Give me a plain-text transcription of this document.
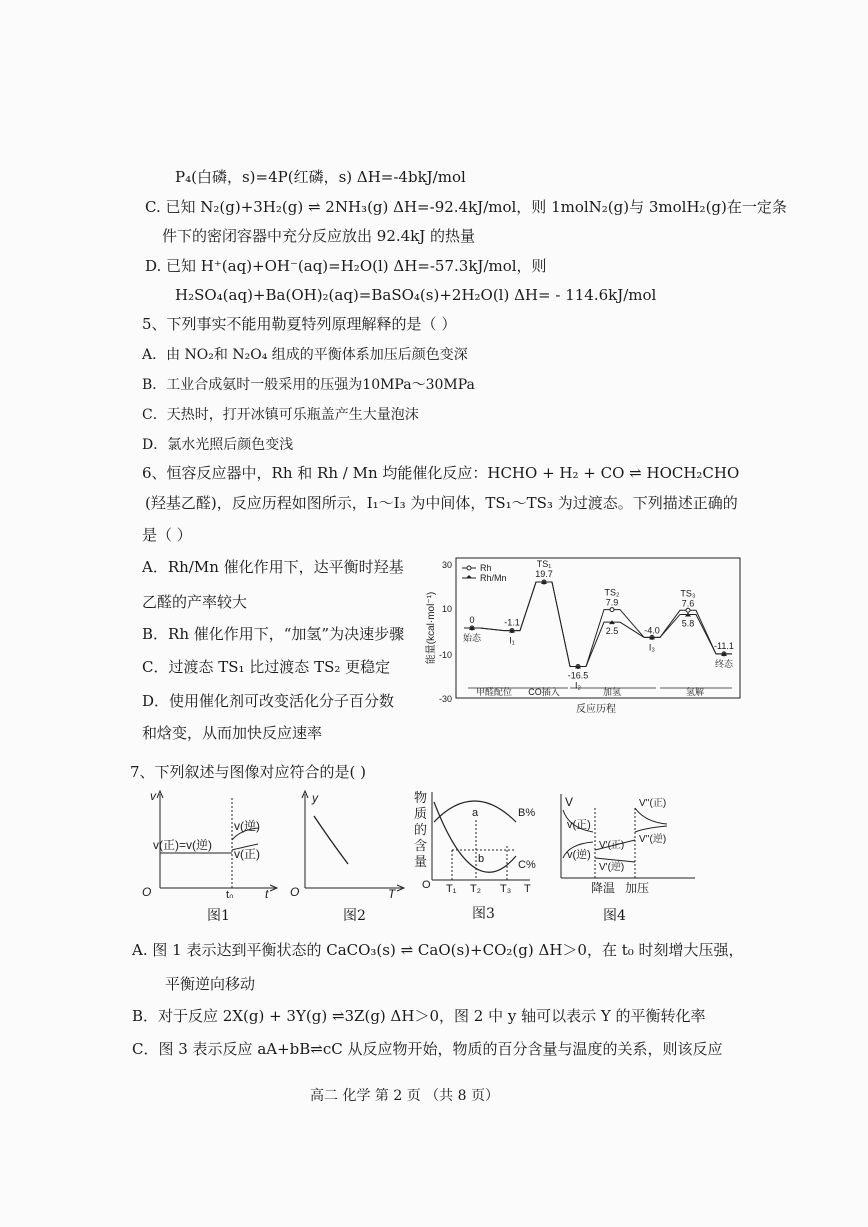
P₄(白磷，s)=4P(红磷，s) ΔH=-4bkJ/mol
C. 已知 N₂(g)+3H₂(g) ⇌ 2NH₃(g) ΔH=-92.4kJ/mol，则 1molN₂(g)与 3molH₂(g)在一定条
件下的密闭容器中充分反应放出 92.4kJ 的热量
D. 已知 H⁺(aq)+OH⁻(aq)=H₂O(l) ΔH=-57.3kJ/mol，则
H₂SO₄(aq)+Ba(OH)₂(aq)=BaSO₄(s)+2H₂O(l) ΔH= - 114.6kJ/mol
5、下列事实不能用勒夏特列原理解释的是（ ）
A．由 NO₂和 N₂O₄ 组成的平衡体系加压后颜色变深
B．工业合成氨时一般采用的压强为10MPa～30MPa
C．天热时，打开冰镇可乐瓶盖产生大量泡沫
D．氯水光照后颜色变浅
6、恒容反应器中，Rh 和 Rh / Mn 均能催化反应：HCHO + H₂ + CO ⇌ HOCH₂CHO
(羟基乙醛)，反应历程如图所示，I₁～I₃ 为中间体，TS₁～TS₃ 为过渡态。下列描述正确的
是（ ）
A．Rh/Mn 催化作用下，达平衡时羟基
乙醛的产率较大
B．Rh 催化作用下，“加氢”为决速步骤
C．过渡态 TS₁ 比过渡态 TS₂ 更稳定
D．使用催化剂可改变活化分子百分数
和焓变，从而加快反应速率
能量(kcal·mol⁻¹)
30
10
-10
-30
Rh
Rh/Mn
0	-1.1
19.7
-16.5
7.9
2.5	-4.0
7.6
5.8
-11.1
始态	I₁
TS₁
I₂
TS₂
I₃
TS₃
终态
甲醛配位 CO插入	加氢	氢解
反应历程
7、下列叙述与图像对应符合的是( )
v
O	t
t₀
v(正)=v(逆)
v(逆)
v(正)
图1
y
O	T
图2
物
质
的
含
量
O
a
b
B%
C%
T₁ T₂ T₃ T
图3
V
v(正)
v(逆)
V'(正)
V'(逆)
V''(正)
V''(逆)
降温 加压
图4
A. 图 1 表示达到平衡状态的 CaCO₃(s) ⇌ CaO(s)+CO₂(g) ΔH＞0，在 t₀ 时刻增大压强，
平衡逆向移动
B．对于反应 2X(g) + 3Y(g) ⇌3Z(g) ΔH＞0，图 2 中 y 轴可以表示 Y 的平衡转化率
C．图 3 表示反应 aA+bB⇌cC 从反应物开始，物质的百分含量与温度的关系，则该反应
高二 化学 第 2 页 （共 8 页）
